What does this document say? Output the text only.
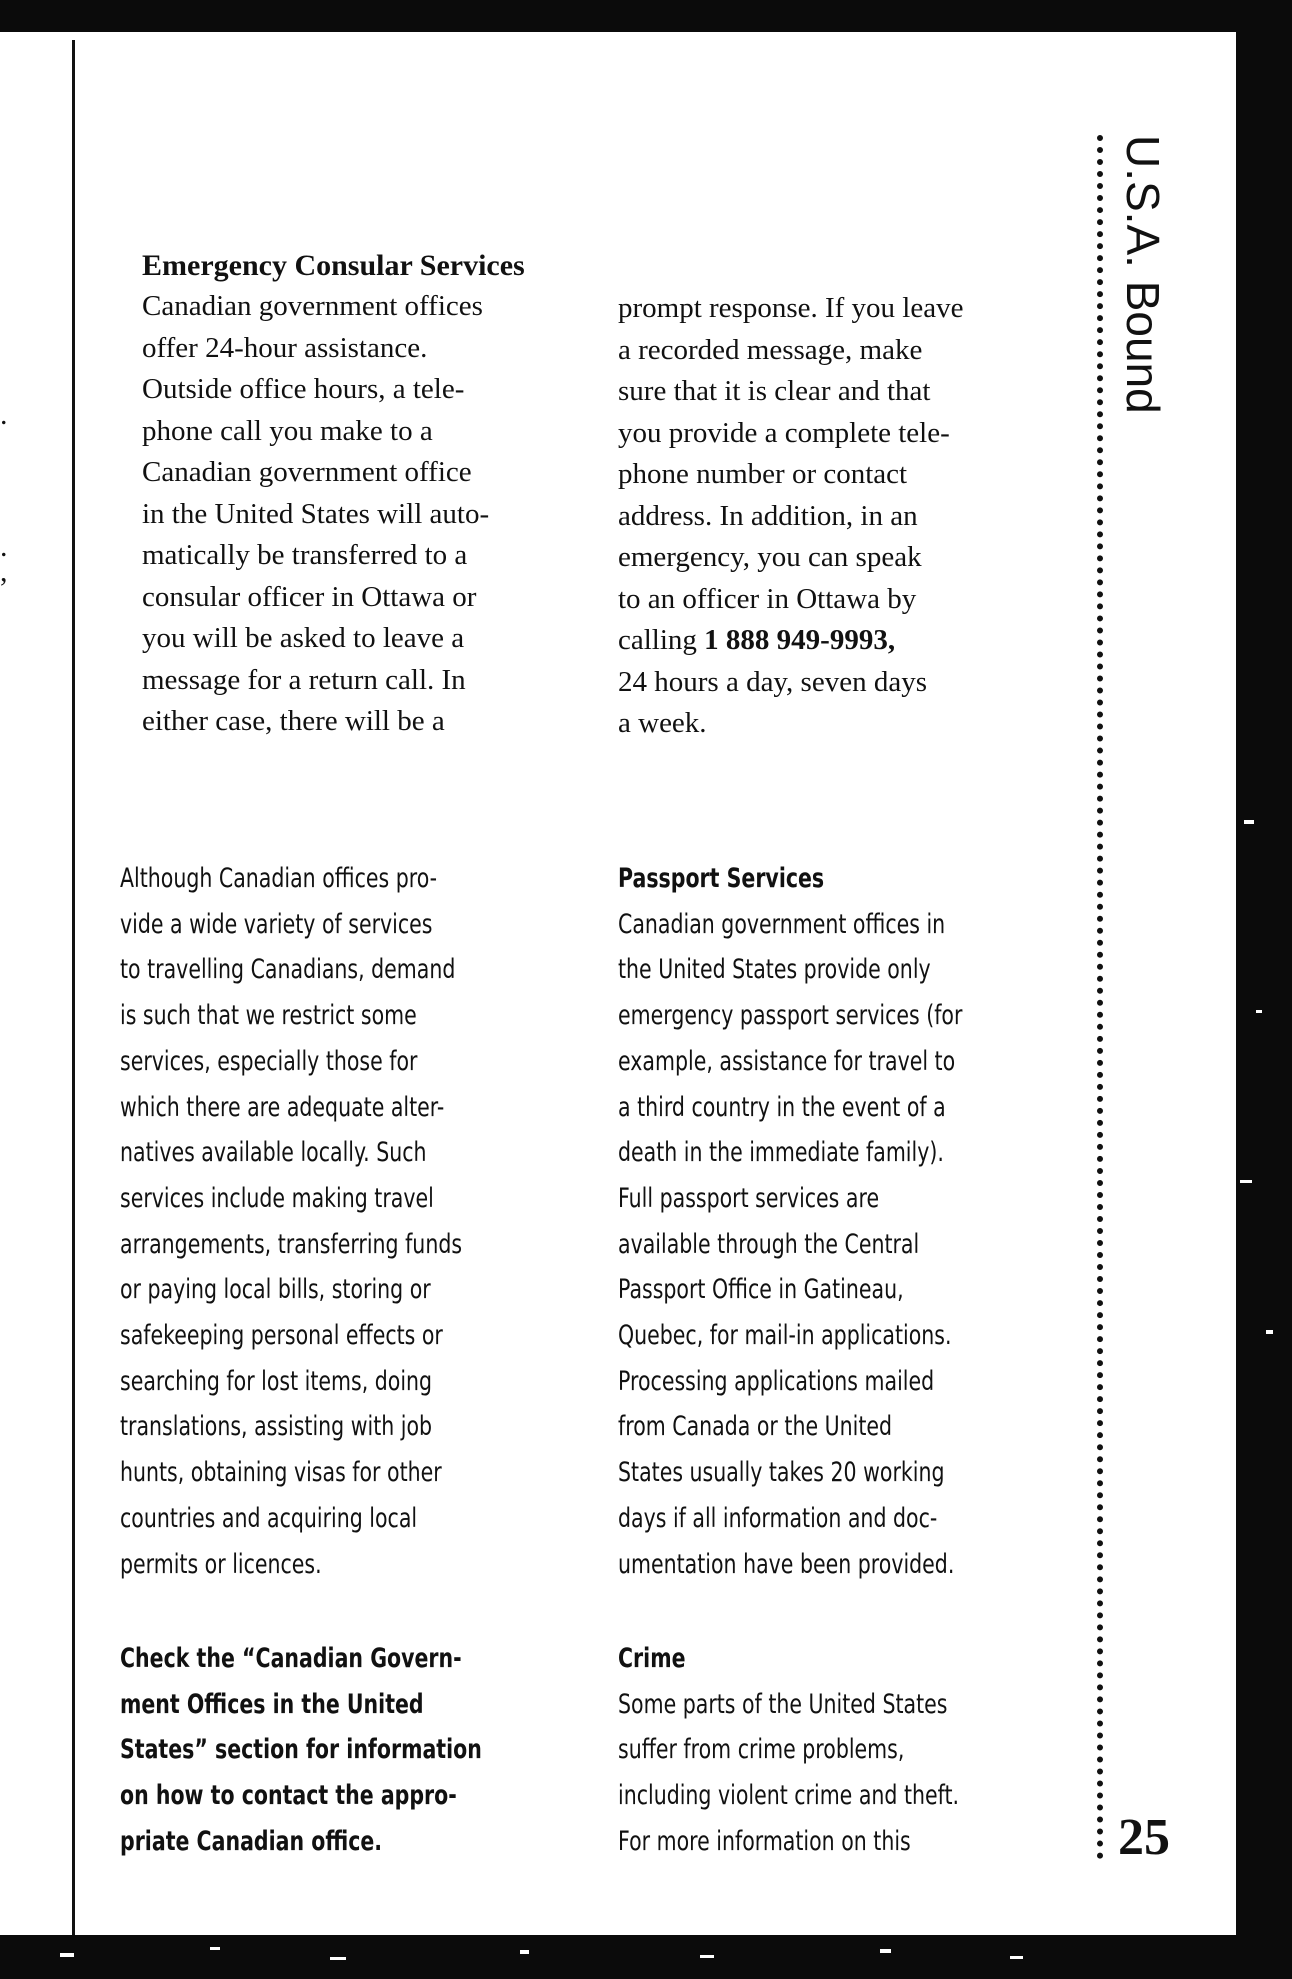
.
.
,
U.S.A. Bound
25
Emergency Consular Services
Canadian government offices
offer 24-hour assistance.
Outside office hours, a tele-
phone call you make to a
Canadian government office
in the United States will auto-
matically be transferred to a
consular officer in Ottawa or
you will be asked to leave a
message for a return call. In
either case, there will be a
prompt response. If you leave
a recorded message, make
sure that it is clear and that
you provide a complete tele-
phone number or contact
address. In addition, in an
emergency, you can speak
to an officer in Ottawa by
calling 1 888 949-9993,
24 hours a day, seven days
a week.
Although Canadian offices pro-
vide a wide variety of services
to travelling Canadians, demand
is such that we restrict some
services, especially those for
which there are adequate alter-
natives available locally. Such
services include making travel
arrangements, transferring funds
or paying local bills, storing or
safekeeping personal effects or
searching for lost items, doing
translations, assisting with job
hunts, obtaining visas for other
countries and acquiring local
permits or licences.
Check the “Canadian Govern-
ment Offices in the United
States” section for information
on how to contact the appro-
priate Canadian office.
Passport Services
Canadian government offices in
the United States provide only
emergency passport services (for
example, assistance for travel to
a third country in the event of a
death in the immediate family).
Full passport services are
available through the Central
Passport Office in Gatineau,
Quebec, for mail-in applications.
Processing applications mailed
from Canada or the United
States usually takes 20 working
days if all information and doc-
umentation have been provided.
Crime
Some parts of the United States
suffer from crime problems,
including violent crime and theft.
For more information on this
